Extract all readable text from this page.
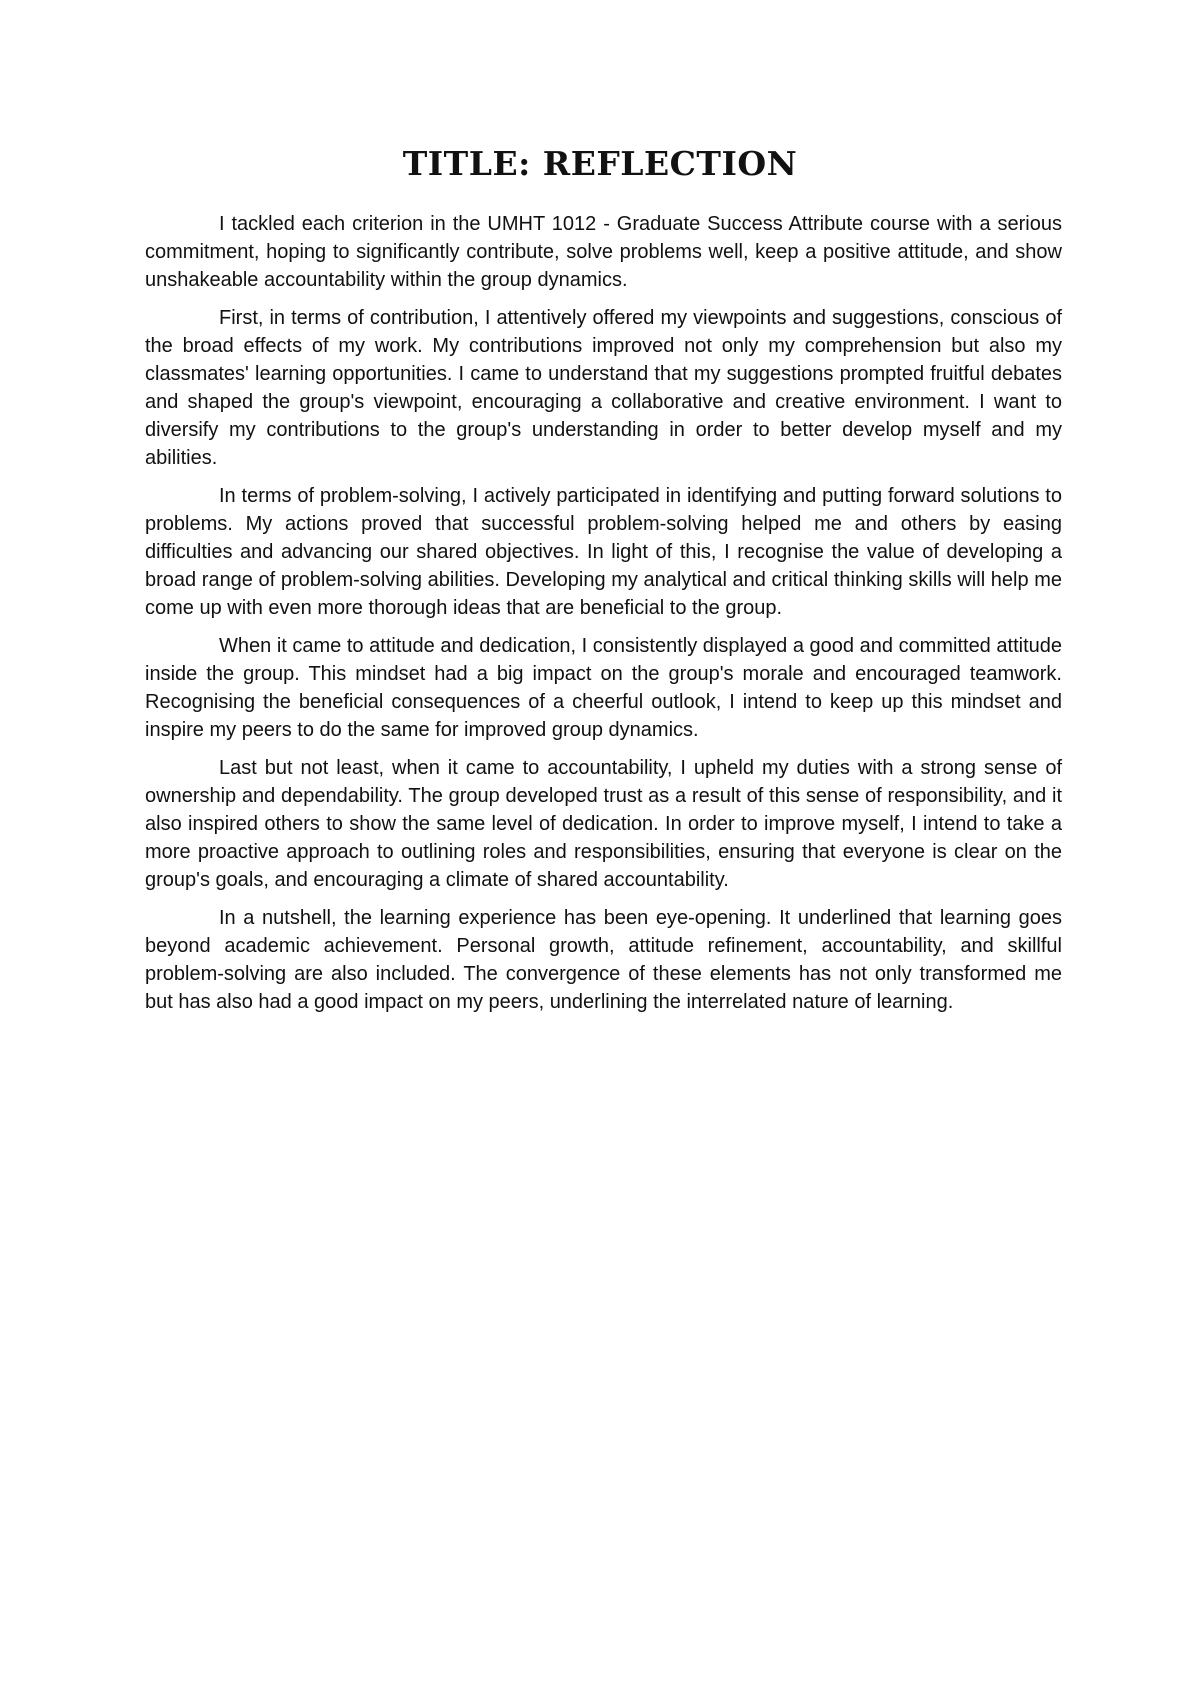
TITLE: REFLECTION

I tackled each criterion in the UMHT 1012 - Graduate Success Attribute course with a serious commitment, hoping to significantly contribute, solve problems well, keep a positive attitude, and show unshakeable accountability within the group dynamics.

First, in terms of contribution, I attentively offered my viewpoints and suggestions, conscious of the broad effects of my work. My contributions improved not only my comprehension but also my classmates' learning opportunities. I came to understand that my suggestions prompted fruitful debates and shaped the group's viewpoint, encouraging a collaborative and creative environment. I want to diversify my contributions to the group's understanding in order to better develop myself and my abilities.

In terms of problem-solving, I actively participated in identifying and putting forward solutions to problems. My actions proved that successful problem-solving helped me and others by easing difficulties and advancing our shared objectives. In light of this, I recognise the value of developing a broad range of problem-solving abilities. Developing my analytical and critical thinking skills will help me come up with even more thorough ideas that are beneficial to the group.

When it came to attitude and dedication, I consistently displayed a good and committed attitude inside the group. This mindset had a big impact on the group's morale and encouraged teamwork. Recognising the beneficial consequences of a cheerful outlook, I intend to keep up this mindset and inspire my peers to do the same for improved group dynamics.

Last but not least, when it came to accountability, I upheld my duties with a strong sense of ownership and dependability. The group developed trust as a result of this sense of responsibility, and it also inspired others to show the same level of dedication. In order to improve myself, I intend to take a more proactive approach to outlining roles and responsibilities, ensuring that everyone is clear on the group's goals, and encouraging a climate of shared accountability.

In a nutshell, the learning experience has been eye-opening. It underlined that learning goes beyond academic achievement. Personal growth, attitude refinement, accountability, and skillful problem-solving are also included. The convergence of these elements has not only transformed me but has also had a good impact on my peers, underlining the interrelated nature of learning.
